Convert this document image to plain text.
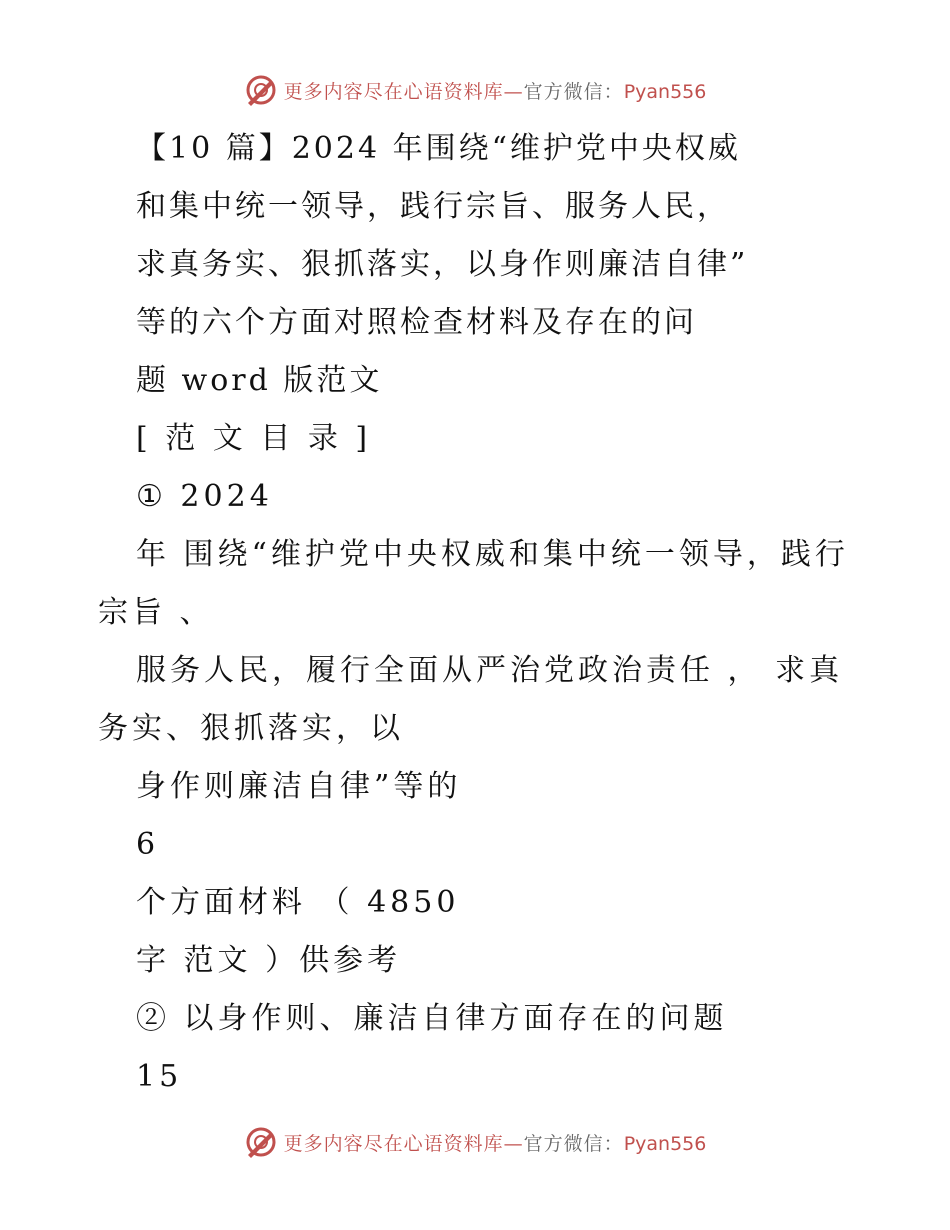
更多内容尽在心语资料库—官方微信：Pyan556

【10 篇】2024 年围绕“维护党中央权威

和集中统一领导，践行宗旨、服务人民，

求真务实、狠抓落实，以身作则廉洁自律”

等的六个方面对照检查材料及存在的问

题 word 版范文

[ 范 文 目 录 ]

① 2024

年 围绕“维护党中央权威和集中统一领导，践行宗旨 、

服务人民，履行全面从严治党政治责任 ， 求真务实、狠抓落实，以

身作则廉洁自律”等的

6

个方面材料 （ 4850

字 范文 ）供参考

② 以身作则、廉洁自律方面存在的问题

15

更多内容尽在心语资料库—官方微信：Pyan556
